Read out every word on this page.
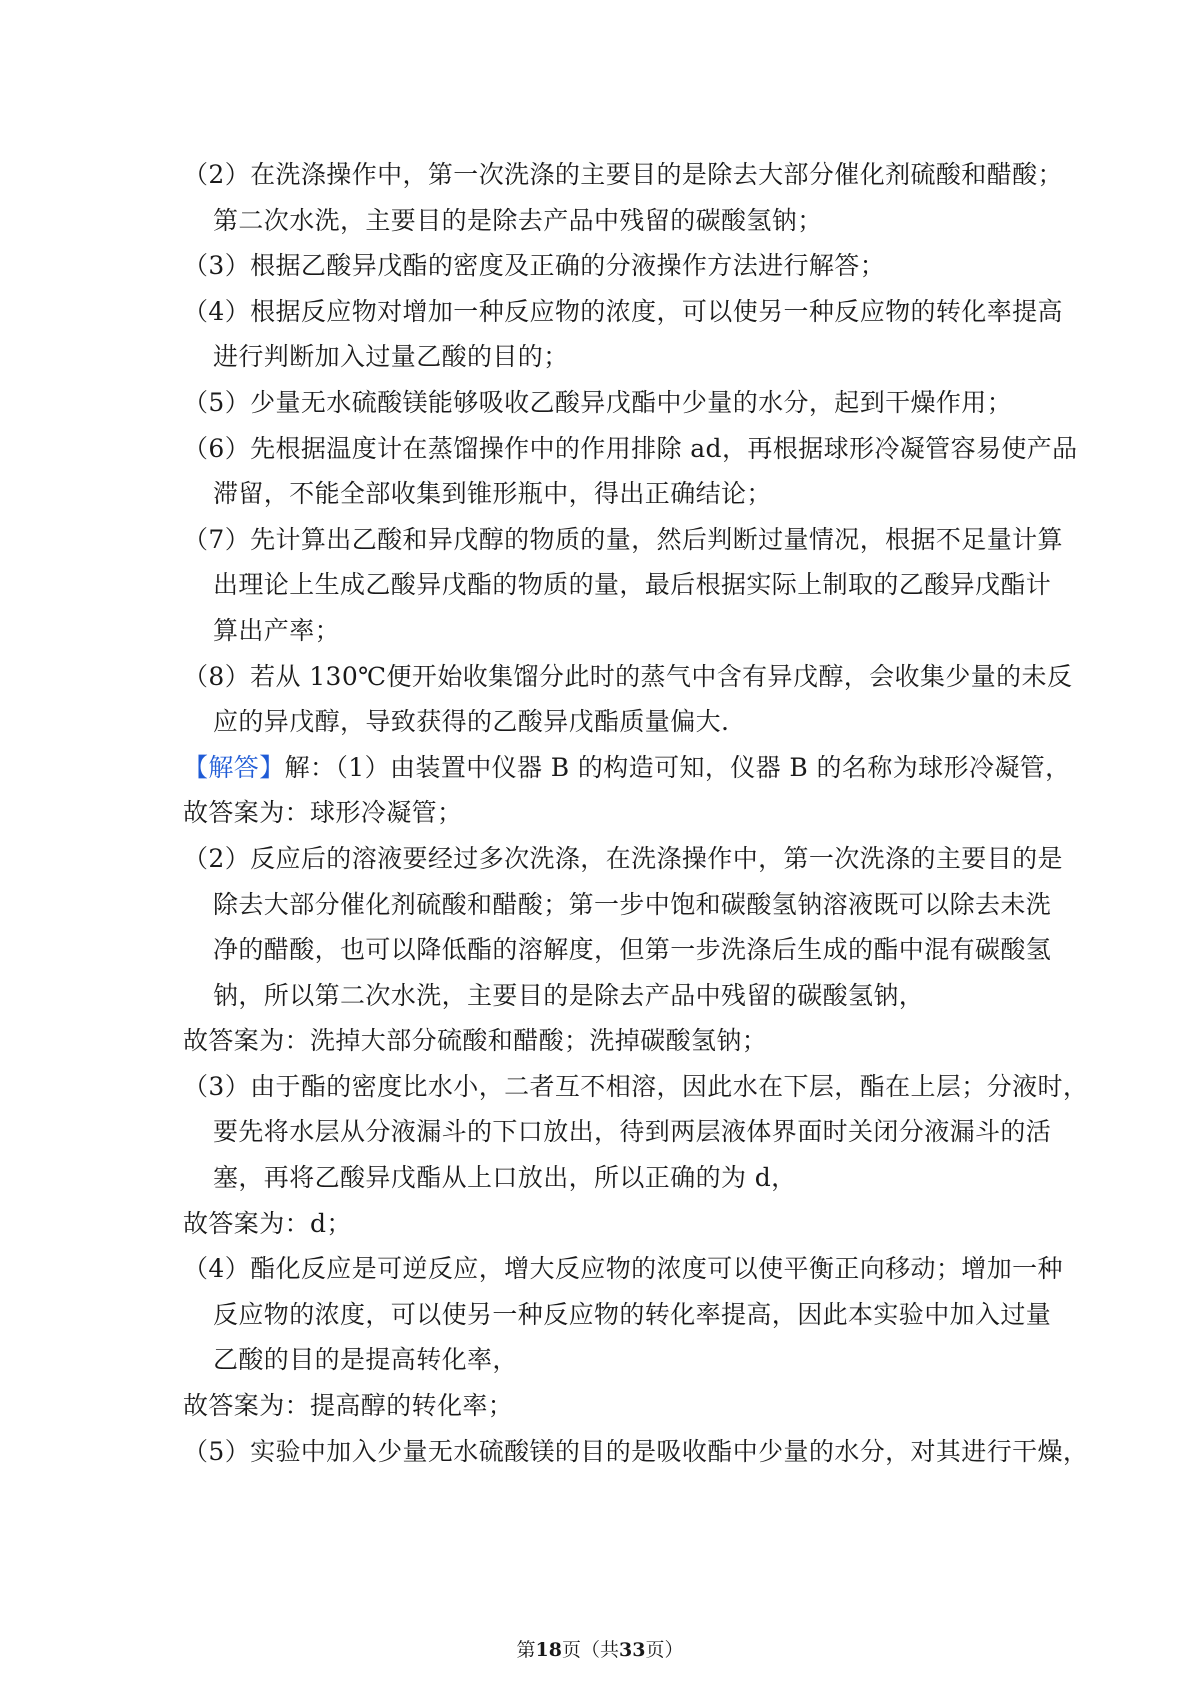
（2）在洗涤操作中，第一次洗涤的主要目的是除去大部分催化剂硫酸和醋酸；
第二次水洗，主要目的是除去产品中残留的碳酸氢钠；
（3）根据乙酸异戊酯的密度及正确的分液操作方法进行解答；
（4）根据反应物对增加一种反应物的浓度，可以使另一种反应物的转化率提高
进行判断加入过量乙酸的目的；
（5）少量无水硫酸镁能够吸收乙酸异戊酯中少量的水分，起到干燥作用；
（6）先根据温度计在蒸馏操作中的作用排除 ad，再根据球形冷凝管容易使产品
滞留，不能全部收集到锥形瓶中，得出正确结论；
（7）先计算出乙酸和异戊醇的物质的量，然后判断过量情况，根据不足量计算
出理论上生成乙酸异戊酯的物质的量，最后根据实际上制取的乙酸异戊酯计
算出产率；
（8）若从 130℃便开始收集馏分此时的蒸气中含有异戊醇，会收集少量的未反
应的异戊醇，导致获得的乙酸异戊酯质量偏大.
【解答】解：（1）由装置中仪器 B 的构造可知，仪器 B 的名称为球形冷凝管，
故答案为：球形冷凝管；
（2）反应后的溶液要经过多次洗涤，在洗涤操作中，第一次洗涤的主要目的是
除去大部分催化剂硫酸和醋酸；第一步中饱和碳酸氢钠溶液既可以除去未洗
净的醋酸，也可以降低酯的溶解度，但第一步洗涤后生成的酯中混有碳酸氢
钠，所以第二次水洗，主要目的是除去产品中残留的碳酸氢钠，
故答案为：洗掉大部分硫酸和醋酸；洗掉碳酸氢钠；
（3）由于酯的密度比水小，二者互不相溶，因此水在下层，酯在上层；分液时，
要先将水层从分液漏斗的下口放出，待到两层液体界面时关闭分液漏斗的活
塞，再将乙酸异戊酯从上口放出，所以正确的为 d，
故答案为：d；
（4）酯化反应是可逆反应，增大反应物的浓度可以使平衡正向移动；增加一种
反应物的浓度，可以使另一种反应物的转化率提高，因此本实验中加入过量
乙酸的目的是提高转化率，
故答案为：提高醇的转化率；
（5）实验中加入少量无水硫酸镁的目的是吸收酯中少量的水分，对其进行干燥，
第18页（共33页）
